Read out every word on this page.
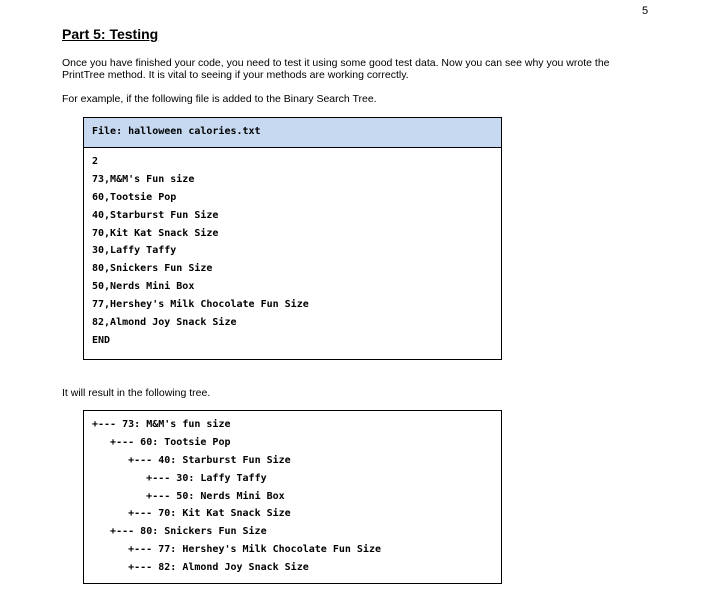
5
Part 5: Testing

Once you have finished your code, you need to test it using some good test data. Now you can see why you wrote the PrintTree method. It is vital to seeing if your methods are working correctly.

For example, if the following file is added to the Binary Search Tree.

File: halloween calories.txt
2
73,M&M's Fun size
60,Tootsie Pop
40,Starburst Fun Size
70,Kit Kat Snack Size
30,Laffy Taffy
80,Snickers Fun Size
50,Nerds Mini Box
77,Hershey's Milk Chocolate Fun Size
82,Almond Joy Snack Size
END

It will result in the following tree.

+--- 73: M&M's fun size
+--- 60: Tootsie Pop
+--- 40: Starburst Fun Size
+--- 30: Laffy Taffy
+--- 50: Nerds Mini Box
+--- 70: Kit Kat Snack Size
+--- 80: Snickers Fun Size
+--- 77: Hershey's Milk Chocolate Fun Size
+--- 82: Almond Joy Snack Size
